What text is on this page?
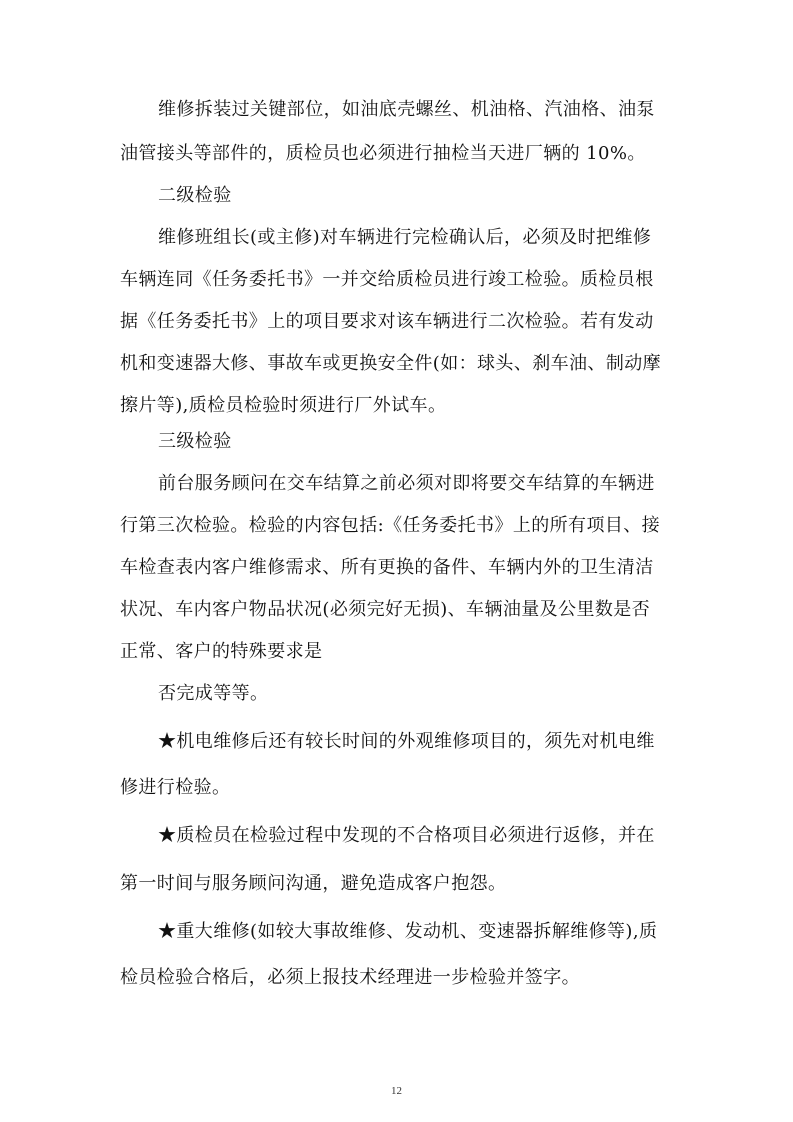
维修拆装过关键部位，如油底壳螺丝、机油格、汽油格、油泵
油管接头等部件的，质检员也必须进行抽检当天进厂辆的 10%。
二级检验
维修班组长(或主修)对车辆进行完检确认后，必须及时把维修
车辆连同《任务委托书》一并交给质检员进行竣工检验。质检员根
据《任务委托书》上的项目要求对该车辆进行二次检验。若有发动
机和变速器大修、事故车或更换安全件(如：球头、刹车油、制动摩
擦片等),质检员检验时须进行厂外试车。
三级检验
前台服务顾问在交车结算之前必须对即将要交车结算的车辆进
行第三次检验。检验的内容包括:《任务委托书》上的所有项目、接
车检查表内客户维修需求、所有更换的备件、车辆内外的卫生清洁
状况、车内客户物品状况(必须完好无损)、车辆油量及公里数是否
正常、客户的特殊要求是
否完成等等。
★机电维修后还有较长时间的外观维修项目的，须先对机电维
修进行检验。
★质检员在检验过程中发现的不合格项目必须进行返修，并在
第一时间与服务顾问沟通，避免造成客户抱怨。
★重大维修(如较大事故维修、发动机、变速器拆解维修等),质
检员检验合格后，必须上报技术经理进一步检验并签字。
12
